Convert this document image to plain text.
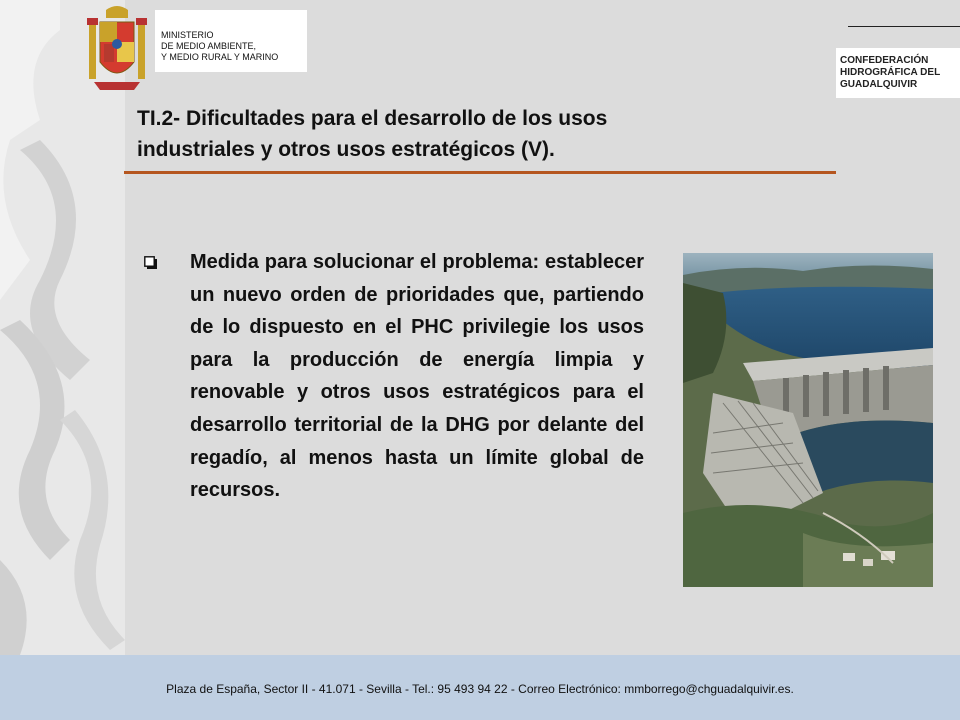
MINISTERIO
DE MEDIO AMBIENTE,
Y MEDIO RURAL Y MARINO	CONFEDERACIÓN
HIDROGRÁFICA DEL
GUADALQUIVIR
TI.2- Dificultades para el desarrollo de los usos
industriales y otros usos estratégicos (V).
Medida para solucionar el problema: establecer un nuevo orden de prioridades que, partiendo de lo dispuesto en el PHC privilegie los usos para la producción de energía limpia y renovable y otros usos estratégicos para el desarrollo territorial de la DHG por delante del regadío, al menos hasta un límite global de recursos.
Plaza de España, Sector II - 41.071 - Sevilla - Tel.: 95 493 94 22 - Correo Electrónico: mmborrego@chguadalquivir.es.
